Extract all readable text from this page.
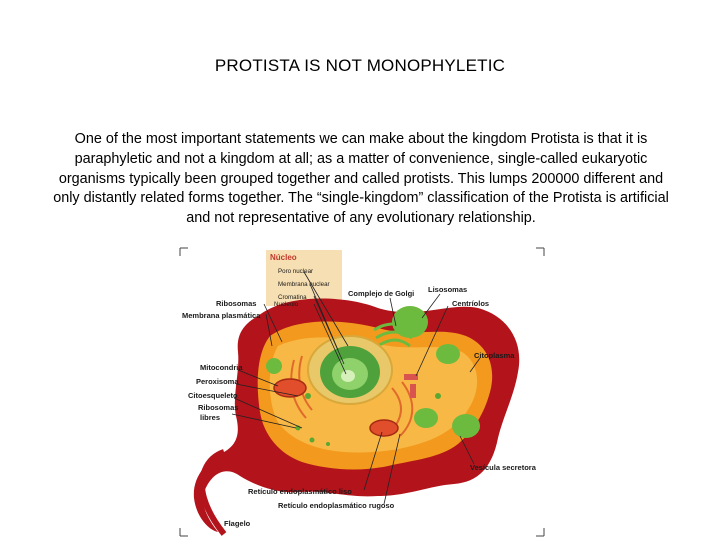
PROTISTA IS NOT MONOPHYLETIC
One of the most important statements we can make about the kingdom Protista is that it is paraphyletic and not a kingdom at all; as a matter of convenience, single-called eukaryotic organisms typically been grouped together and called protists. This lumps 200000 different and only distantly related forms together. The “single-kingdom” classification of the Protista is artificial and not representative of any evolutionary relationship.
Núcleo
Poro nuclear
Membrana nuclear
Cromatina
Nucleolo
Ribosomas
Membrana plasmática
Complejo de Golgi Lisosomas
Centríolos
Citoplasma
Mitocondria
Peroxisoma
Citoesqueleto
Ribosomas
libres
Vesícula secretora
Retículo endoplasmático liso
Retículo endoplasmático rugoso
Flagelo
